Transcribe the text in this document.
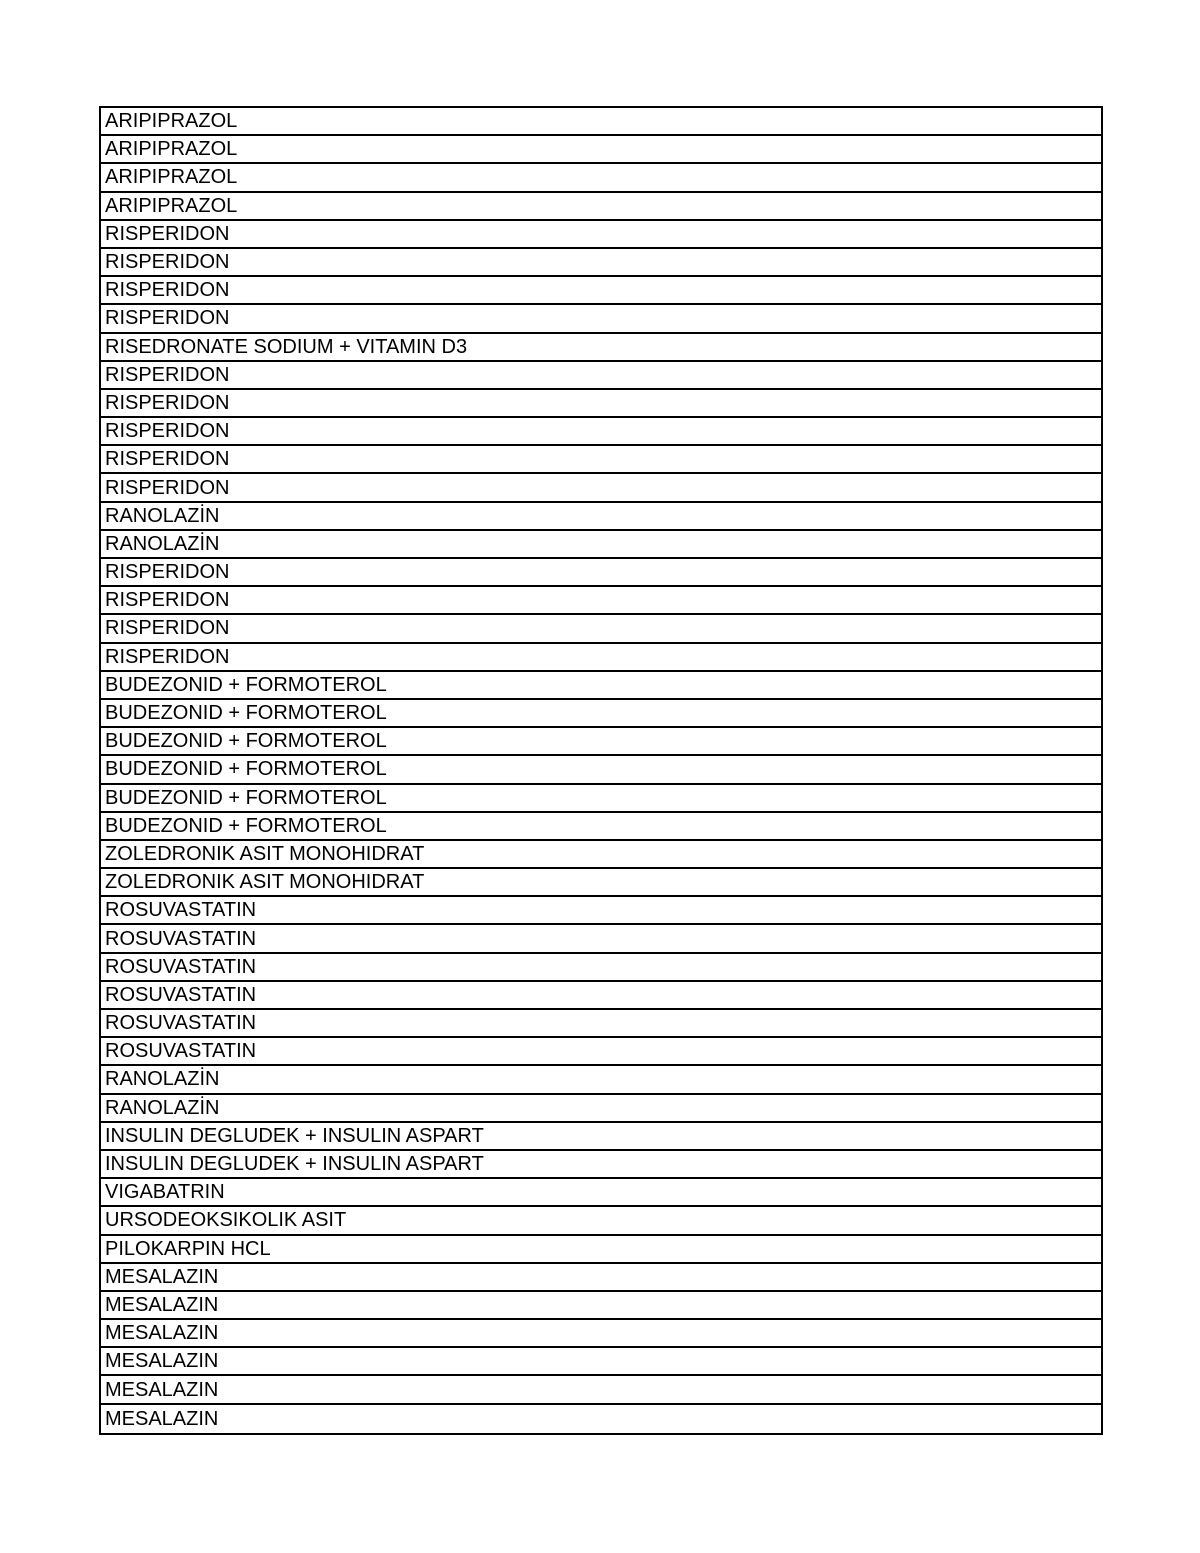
ARIPIPRAZOL
ARIPIPRAZOL
ARIPIPRAZOL
ARIPIPRAZOL
RISPERIDON
RISPERIDON
RISPERIDON
RISPERIDON
RISEDRONATE SODIUM + VITAMIN D3
RISPERIDON
RISPERIDON
RISPERIDON
RISPERIDON
RISPERIDON
RANOLAZİN
RANOLAZİN
RISPERIDON
RISPERIDON
RISPERIDON
RISPERIDON
BUDEZONID + FORMOTEROL
BUDEZONID + FORMOTEROL
BUDEZONID + FORMOTEROL
BUDEZONID + FORMOTEROL
BUDEZONID + FORMOTEROL
BUDEZONID + FORMOTEROL
ZOLEDRONIK ASIT MONOHIDRAT
ZOLEDRONIK ASIT MONOHIDRAT
ROSUVASTATIN
ROSUVASTATIN
ROSUVASTATIN
ROSUVASTATIN
ROSUVASTATIN
ROSUVASTATIN
RANOLAZİN
RANOLAZİN
INSULIN DEGLUDEK + INSULIN ASPART
INSULIN DEGLUDEK + INSULIN ASPART
VIGABATRIN
URSODEOKSIKOLIK ASIT
PILOKARPIN HCL
MESALAZIN
MESALAZIN
MESALAZIN
MESALAZIN
MESALAZIN
MESALAZIN
